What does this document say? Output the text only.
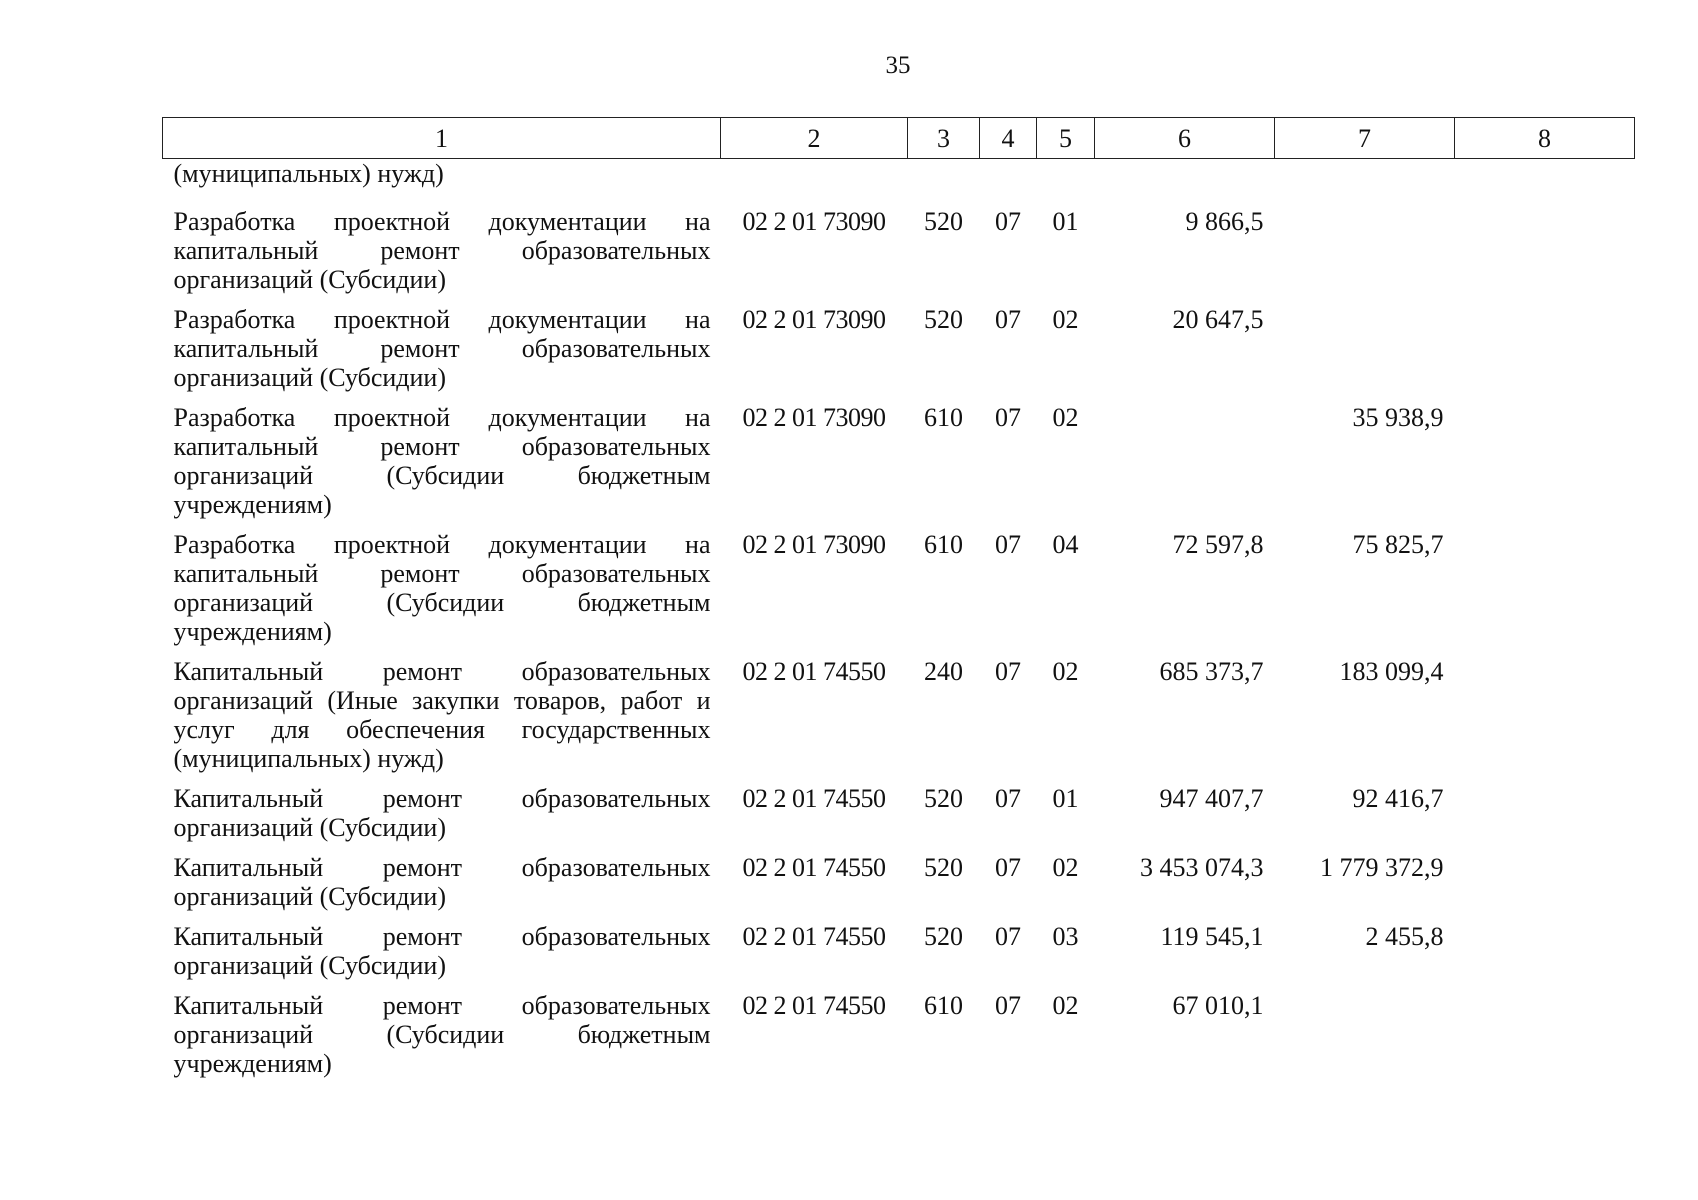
35
1	2	3	4	5	6	7	8
(муниципальных) нужд)							
Разработка проектной документации на капитальный ремонт образовательных организаций (Субсидии)	02 2 01 73090	520	07	01	9 866,5		
Разработка проектной документации на капитальный ремонт образовательных организаций (Субсидии)	02 2 01 73090	520	07	02	20 647,5		
Разработка проектной документации на капитальный ремонт образовательных организаций (Субсидии бюджетным учреждениям)	02 2 01 73090	610	07	02		35 938,9	
Разработка проектной документации на капитальный ремонт образовательных организаций (Субсидии бюджетным учреждениям)	02 2 01 73090	610	07	04	72 597,8	75 825,7	
Капитальный ремонт образовательных организаций (Иные закупки товаров, работ и услуг для обеспечения государственных (муниципальных) нужд)	02 2 01 74550	240	07	02	685 373,7	183 099,4	
Капитальный ремонт образовательных организаций (Субсидии)	02 2 01 74550	520	07	01	947 407,7	92 416,7	
Капитальный ремонт образовательных организаций (Субсидии)	02 2 01 74550	520	07	02	3 453 074,3	1 779 372,9	
Капитальный ремонт образовательных организаций (Субсидии)	02 2 01 74550	520	07	03	119 545,1	2 455,8	
Капитальный ремонт образовательных организаций (Субсидии бюджетным учреждениям)	02 2 01 74550	610	07	02	67 010,1		
